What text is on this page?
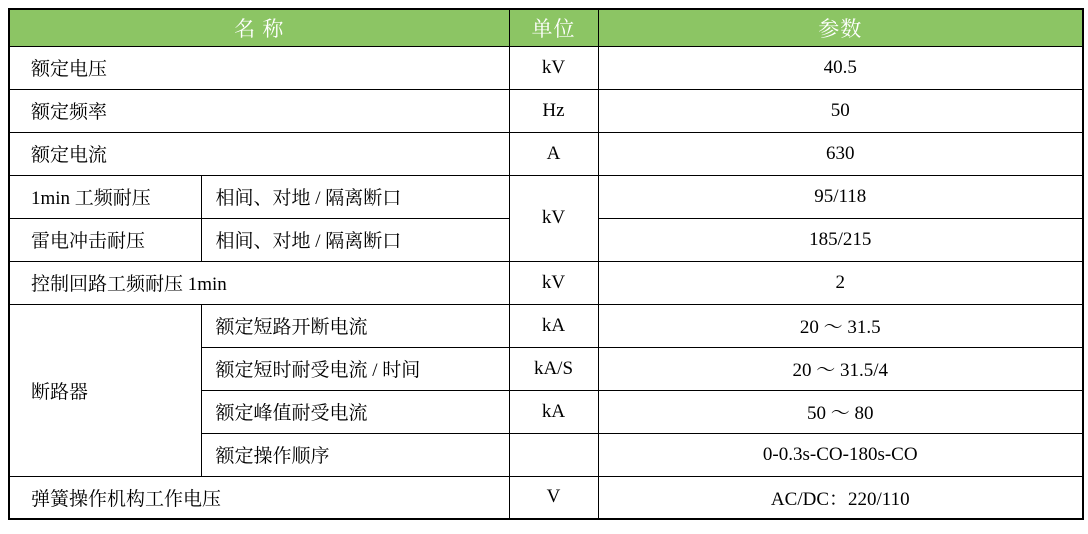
名 称		单位	参数
额定电压		kV	40.5
额定频率		Hz	50
额定电流		A	630
1min 工频耐压	相间、对地 / 隔离断口	kV	95/118
雷电冲击耐压	相间、对地 / 隔离断口		185/215
控制回路工频耐压 1min		kV	2
断路器	额定短路开断电流	kA	20 ～ 31.5
	额定短时耐受电流 / 时间	kA/S	20 ～ 31.5/4
	额定峰值耐受电流	kA	50 ～ 80
	额定操作顺序		0-0.3s-CO-180s-CO
弹簧操作机构工作电压		V	AC/DC：220/110
